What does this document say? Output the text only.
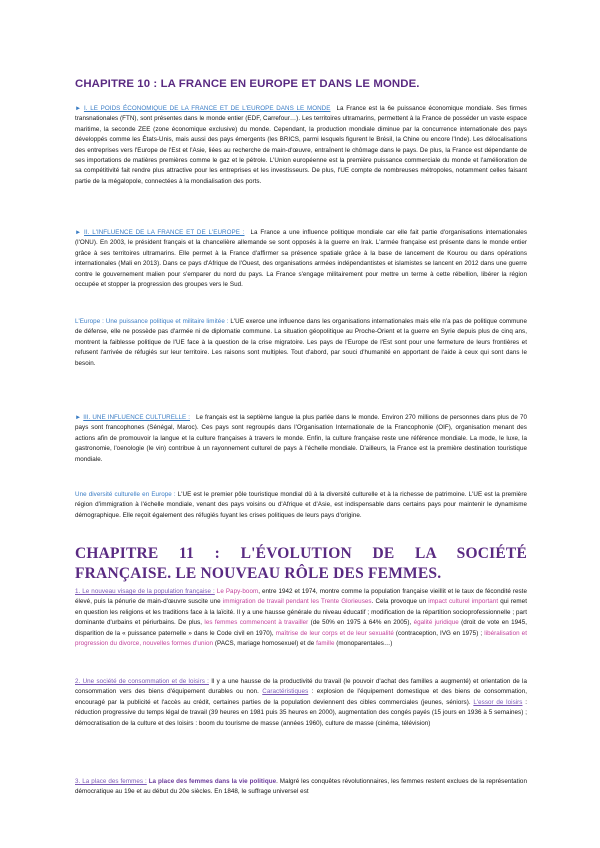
CHAPITRE 10 : LA FRANCE EN EUROPE ET DANS LE MONDE.
► I. LE POIDS ÉCONOMIQUE DE LA FRANCE ET DE L'EUROPE DANS LE MONDE La France est la 6e puissance économique mondiale. Ses firmes transnationales (FTN), sont présentes dans le monde entier (EDF, Carrefour…). Les territoires ultramarins, permettent à la France de posséder un vaste espace maritime, la seconde ZEE (zone économique exclusive) du monde. Cependant, la production mondiale diminue par la concurrence internationale des pays développés comme les États-Unis, mais aussi des pays émergents (les BRICS, parmi lesquels figurent le Brésil, la Chine ou encore l'Inde). Les délocalisations des entreprises vers l'Europe de l'Est et l'Asie, liées au recherche de main-d'œuvre, entraînent le chômage dans le pays. De plus, la France est dépendante de ses importations de matières premières comme le gaz et le pétrole. L'Union européenne est la première puissance commerciale du monde et l'amélioration de sa compétitivité fait rendre plus attractive pour les entreprises et les investisseurs. De plus, l'UE compte de nombreuses métropoles, notamment celles faisant partie de la mégalopole, connectées à la mondialisation des ports.
► II. L'INFLUENCE DE LA FRANCE ET DE L'EUROPE : La France a une influence politique mondiale car elle fait partie d'organisations internationales (l'ONU). En 2003, le président français et la chancelière allemande se sont opposés à la guerre en Irak. L'armée française est présente dans le monde entier grâce à ses territoires ultramarins. Elle permet à la France d'affirmer sa présence spatiale grâce à la base de lancement de Kourou ou dans opérations internationales (Mali en 2013). Dans ce pays d'Afrique de l'Ouest, des organisations armées indépendantistes et islamistes se lancent en 2012 dans une guerre contre le gouvernement malien pour s'emparer du nord du pays. La France s'engage militairement pour mettre un terme à cette rébellion, libérer la région occupée et stopper la progression des groupes vers le Sud.
L'Europe : Une puissance politique et militaire limitée : L'UE exerce une influence dans les organisations internationales mais elle n'a pas de politique commune de défense, elle ne possède pas d'armée ni de diplomatie commune. La situation géopolitique au Proche-Orient et la guerre en Syrie depuis plus de cinq ans, montrent la faiblesse politique de l'UE face à la question de la crise migratoire. Les pays de l'Europe de l'Est sont pour une fermeture de leurs frontières et refusent l'arrivée de réfugiés sur leur territoire. Les raisons sont multiples. Tout d'abord, par souci d'humanité en apportant de l'aide à ceux qui sont dans le besoin.
► III. UNE INFLUENCE CULTURELLE : Le français est la septième langue la plus parlée dans le monde. Environ 270 millions de personnes dans plus de 70 pays sont francophones (Sénégal, Maroc). Ces pays sont regroupés dans l'Organisation Internationale de la Francophonie (OIF), organisation menant des actions afin de promouvoir la langue et la culture françaises à travers le monde. Enfin, la culture française reste une référence mondiale. La mode, le luxe, la gastronomie, l'oenologie (le vin) contribue à un rayonnement culturel de pays à l'échelle mondiale. D'ailleurs, la France est la première destination touristique mondiale.
Une diversité culturelle en Europe : L'UE est le premier pôle touristique mondial dû à la diversité culturelle et à la richesse de patrimoine. L'UE est la première région d'immigration à l'échelle mondiale, venant des pays voisins ou d'Afrique et d'Asie, est indispensable dans certains pays pour maintenir le dynamisme démographique. Elle reçoit également des réfugiés fuyant les crises politiques de leurs pays d'origine.
CHAPITRE 11 : L'ÉVOLUTION DE LA SOCIÉTÉ FRANÇAISE. LE NOUVEAU RÔLE DES FEMMES.
1. Le nouveau visage de la population française : Le Papy-boom, entre 1942 et 1974, montre comme la population française vieillit et le taux de fécondité reste élevé, puis la pénurie de main-d'œuvre suscite une immigration de travail pendant les Trente Glorieuses. Cela provoque un impact culturel important qui remet en question les religions et les traditions face à la laïcité. Il y a une hausse générale du niveau éducatif ; modification de la répartition socioprofessionnelle ; part dominante d'urbains et périurbains. De plus, les femmes commencent à travailler (de 50% en 1975 à 64% en 2005), égalité juridique (droit de vote en 1945, disparition de la « puissance paternelle » dans le Code civil en 1970), maîtrise de leur corps et de leur sexualité (contraception, IVG en 1975) ; libéralisation et progression du divorce, nouvelles formes d'union (PACS, mariage homosexuel) et de famille (monoparentales…)
2. Une société de consommation et de loisirs : Il y a une hausse de la productivité du travail (le pouvoir d'achat des familles a augmenté) et orientation de la consommation vers des biens d'équipement durables ou non. Caractéristiques : explosion de l'équipement domestique et des biens de consommation, encouragé par la publicité et l'accès au crédit, certaines parties de la population deviennent des cibles commerciales (jeunes, séniors). L'essor de loisirs : réduction progressive du temps légal de travail (39 heures en 1981 puis 35 heures en 2000), augmentation des congés payés (15 jours en 1936 à 5 semaines) ; démocratisation de la culture et des loisirs : boom du tourisme de masse (années 1960), culture de masse (cinéma, télévision)
3. La place des femmes : La place des femmes dans la vie politique. Malgré les conquêtes révolutionnaires, les femmes restent exclues de la représentation démocratique au 19e et au début du 20e siècles. En 1848, le suffrage universel est
